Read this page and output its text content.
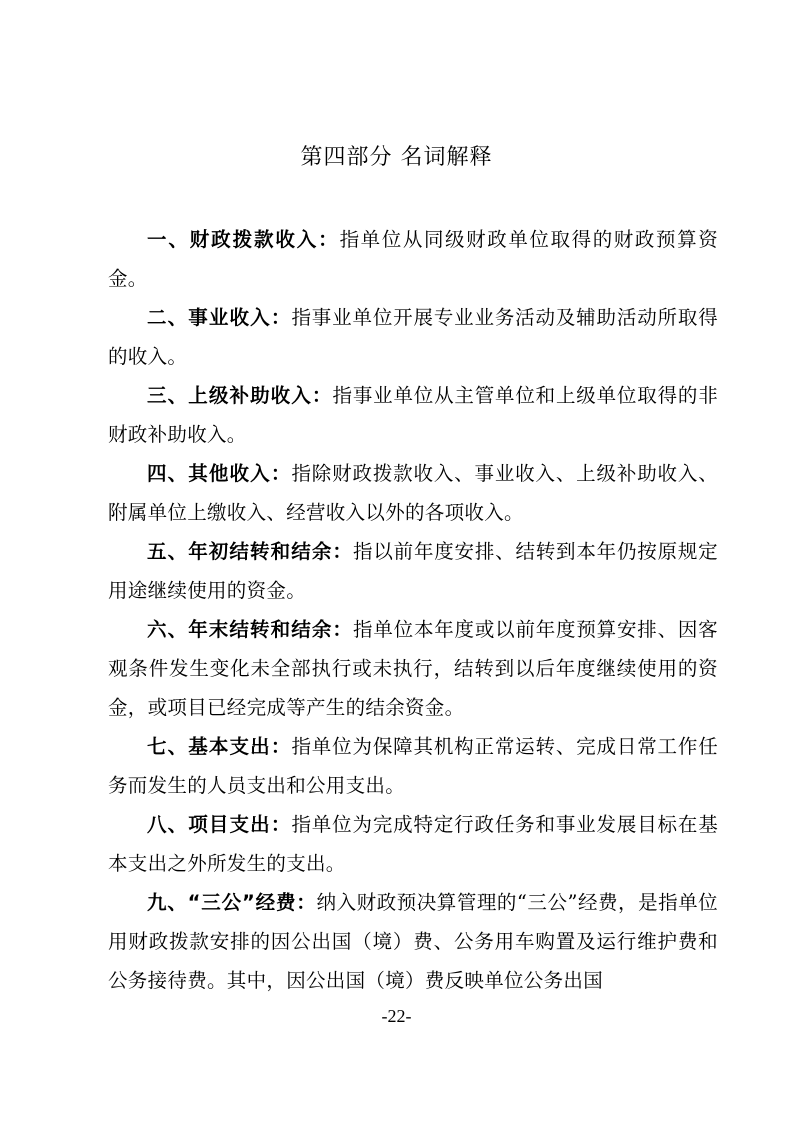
第四部分 名词解释

一、财政拨款收入：指单位从同级财政单位取得的财政预算资金。

二、事业收入：指事业单位开展专业业务活动及辅助活动所取得的收入。

三、上级补助收入：指事业单位从主管单位和上级单位取得的非财政补助收入。

四、其他收入：指除财政拨款收入、事业收入、上级补助收入、附属单位上缴收入、经营收入以外的各项收入。

五、年初结转和结余：指以前年度安排、结转到本年仍按原规定用途继续使用的资金。

六、年末结转和结余：指单位本年度或以前年度预算安排、因客观条件发生变化未全部执行或未执行，结转到以后年度继续使用的资金，或项目已经完成等产生的结余资金。

七、基本支出：指单位为保障其机构正常运转、完成日常工作任务而发生的人员支出和公用支出。

八、项目支出：指单位为完成特定行政任务和事业发展目标在基本支出之外所发生的支出。

九、“三公”经费：纳入财政预决算管理的“三公”经费，是指单位用财政拨款安排的因公出国（境）费、公务用车购置及运行维护费和公务接待费。其中，因公出国（境）费反映单位公务出国

-22-
